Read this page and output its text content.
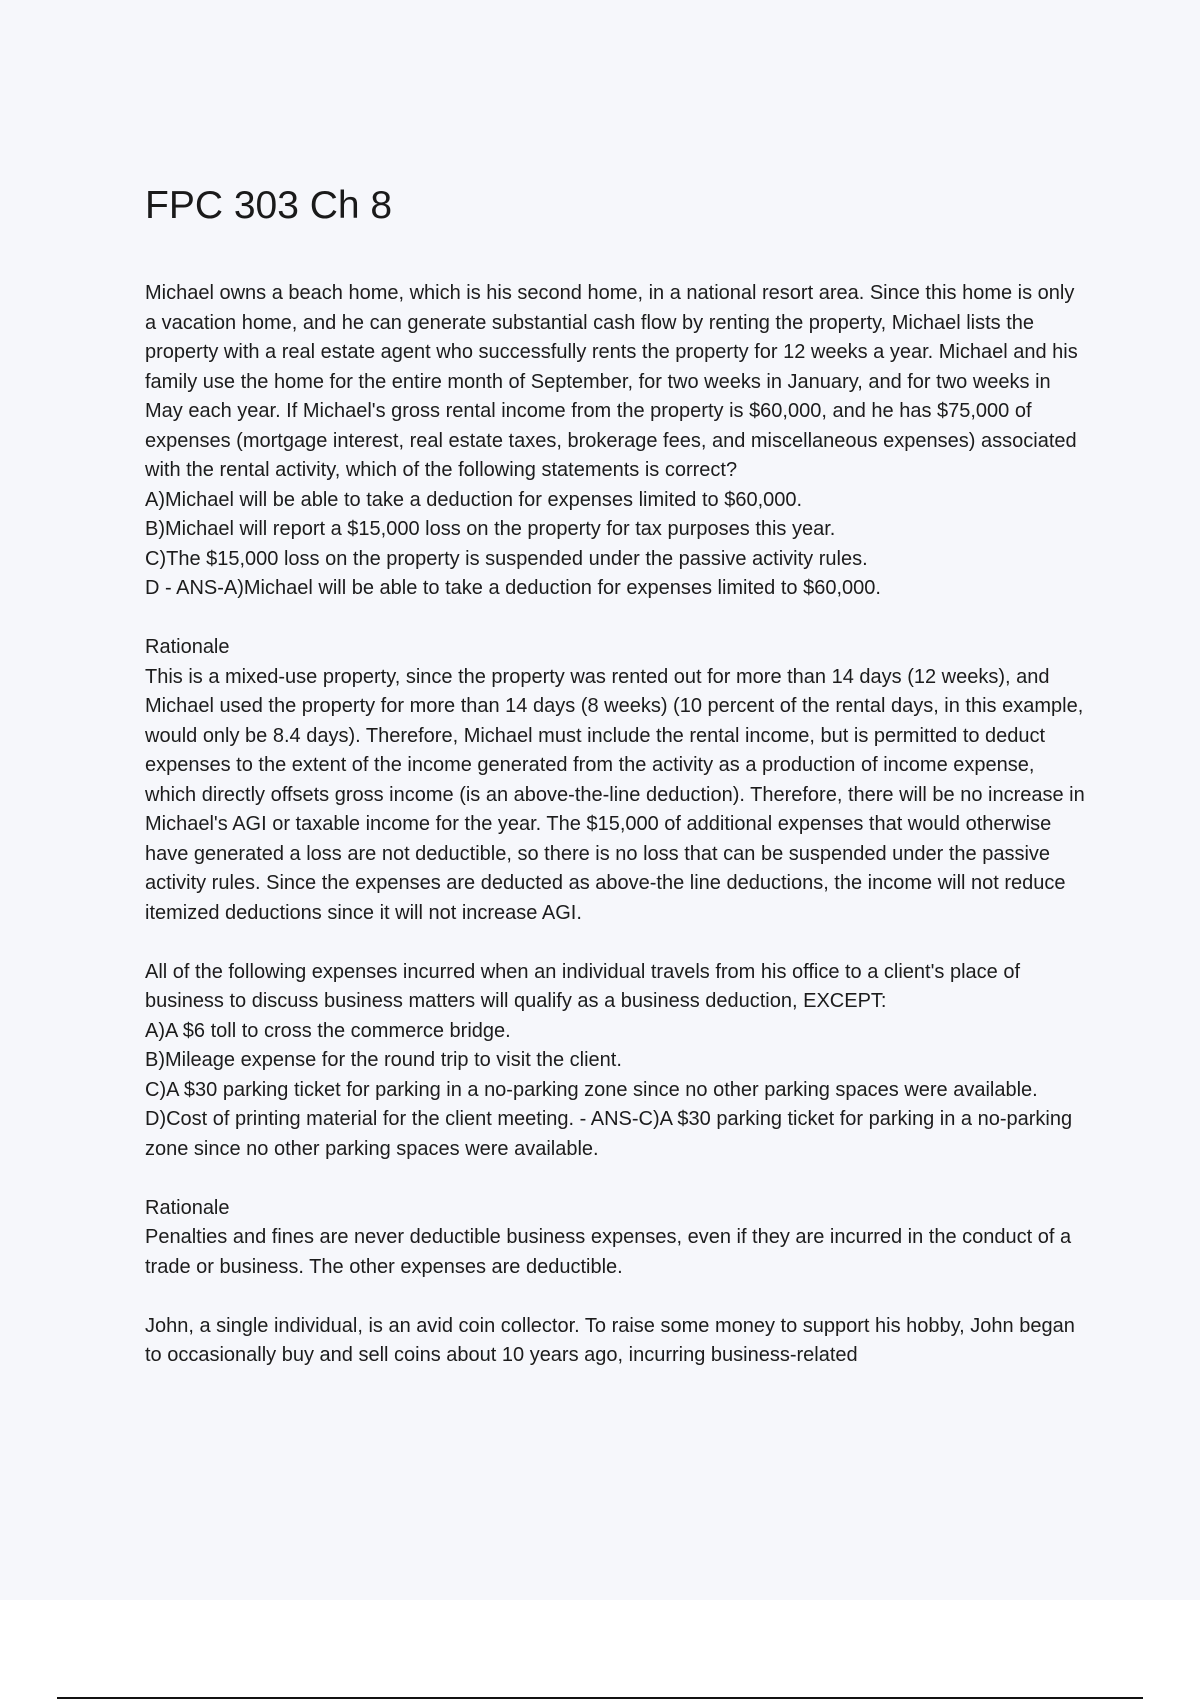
FPC 303 Ch 8
Michael owns a beach home, which is his second home, in a national resort area. Since this home is only a vacation home, and he can generate substantial cash flow by renting the property, Michael lists the property with a real estate agent who successfully rents the property for 12 weeks a year. Michael and his family use the home for the entire month of September, for two weeks in January, and for two weeks in May each year. If Michael's gross rental income from the property is $60,000, and he has $75,000 of expenses (mortgage interest, real estate taxes, brokerage fees, and miscellaneous expenses) associated with the rental activity, which of the following statements is correct?
A)Michael will be able to take a deduction for expenses limited to $60,000.
B)Michael will report a $15,000 loss on the property for tax purposes this year.
C)The $15,000 loss on the property is suspended under the passive activity rules.
D - ANS-A)Michael will be able to take a deduction for expenses limited to $60,000.
Rationale
This is a mixed-use property, since the property was rented out for more than 14 days (12 weeks), and Michael used the property for more than 14 days (8 weeks) (10 percent of the rental days, in this example, would only be 8.4 days). Therefore, Michael must include the rental income, but is permitted to deduct expenses to the extent of the income generated from the activity as a production of income expense, which directly offsets gross income (is an above-the-line deduction). Therefore, there will be no increase in Michael's AGI or taxable income for the year. The $15,000 of additional expenses that would otherwise have generated a loss are not deductible, so there is no loss that can be suspended under the passive activity rules. Since the expenses are deducted as above-the line deductions, the income will not reduce itemized deductions since it will not increase AGI.
All of the following expenses incurred when an individual travels from his office to a client's place of business to discuss business matters will qualify as a business deduction, EXCEPT:
A)A $6 toll to cross the commerce bridge.
B)Mileage expense for the round trip to visit the client.
C)A $30 parking ticket for parking in a no-parking zone since no other parking spaces were available.
D)Cost of printing material for the client meeting. - ANS-C)A $30 parking ticket for parking in a no-parking zone since no other parking spaces were available.
Rationale
Penalties and fines are never deductible business expenses, even if they are incurred in the conduct of a trade or business. The other expenses are deductible.
John, a single individual, is an avid coin collector. To raise some money to support his hobby, John began to occasionally buy and sell coins about 10 years ago, incurring business-related
